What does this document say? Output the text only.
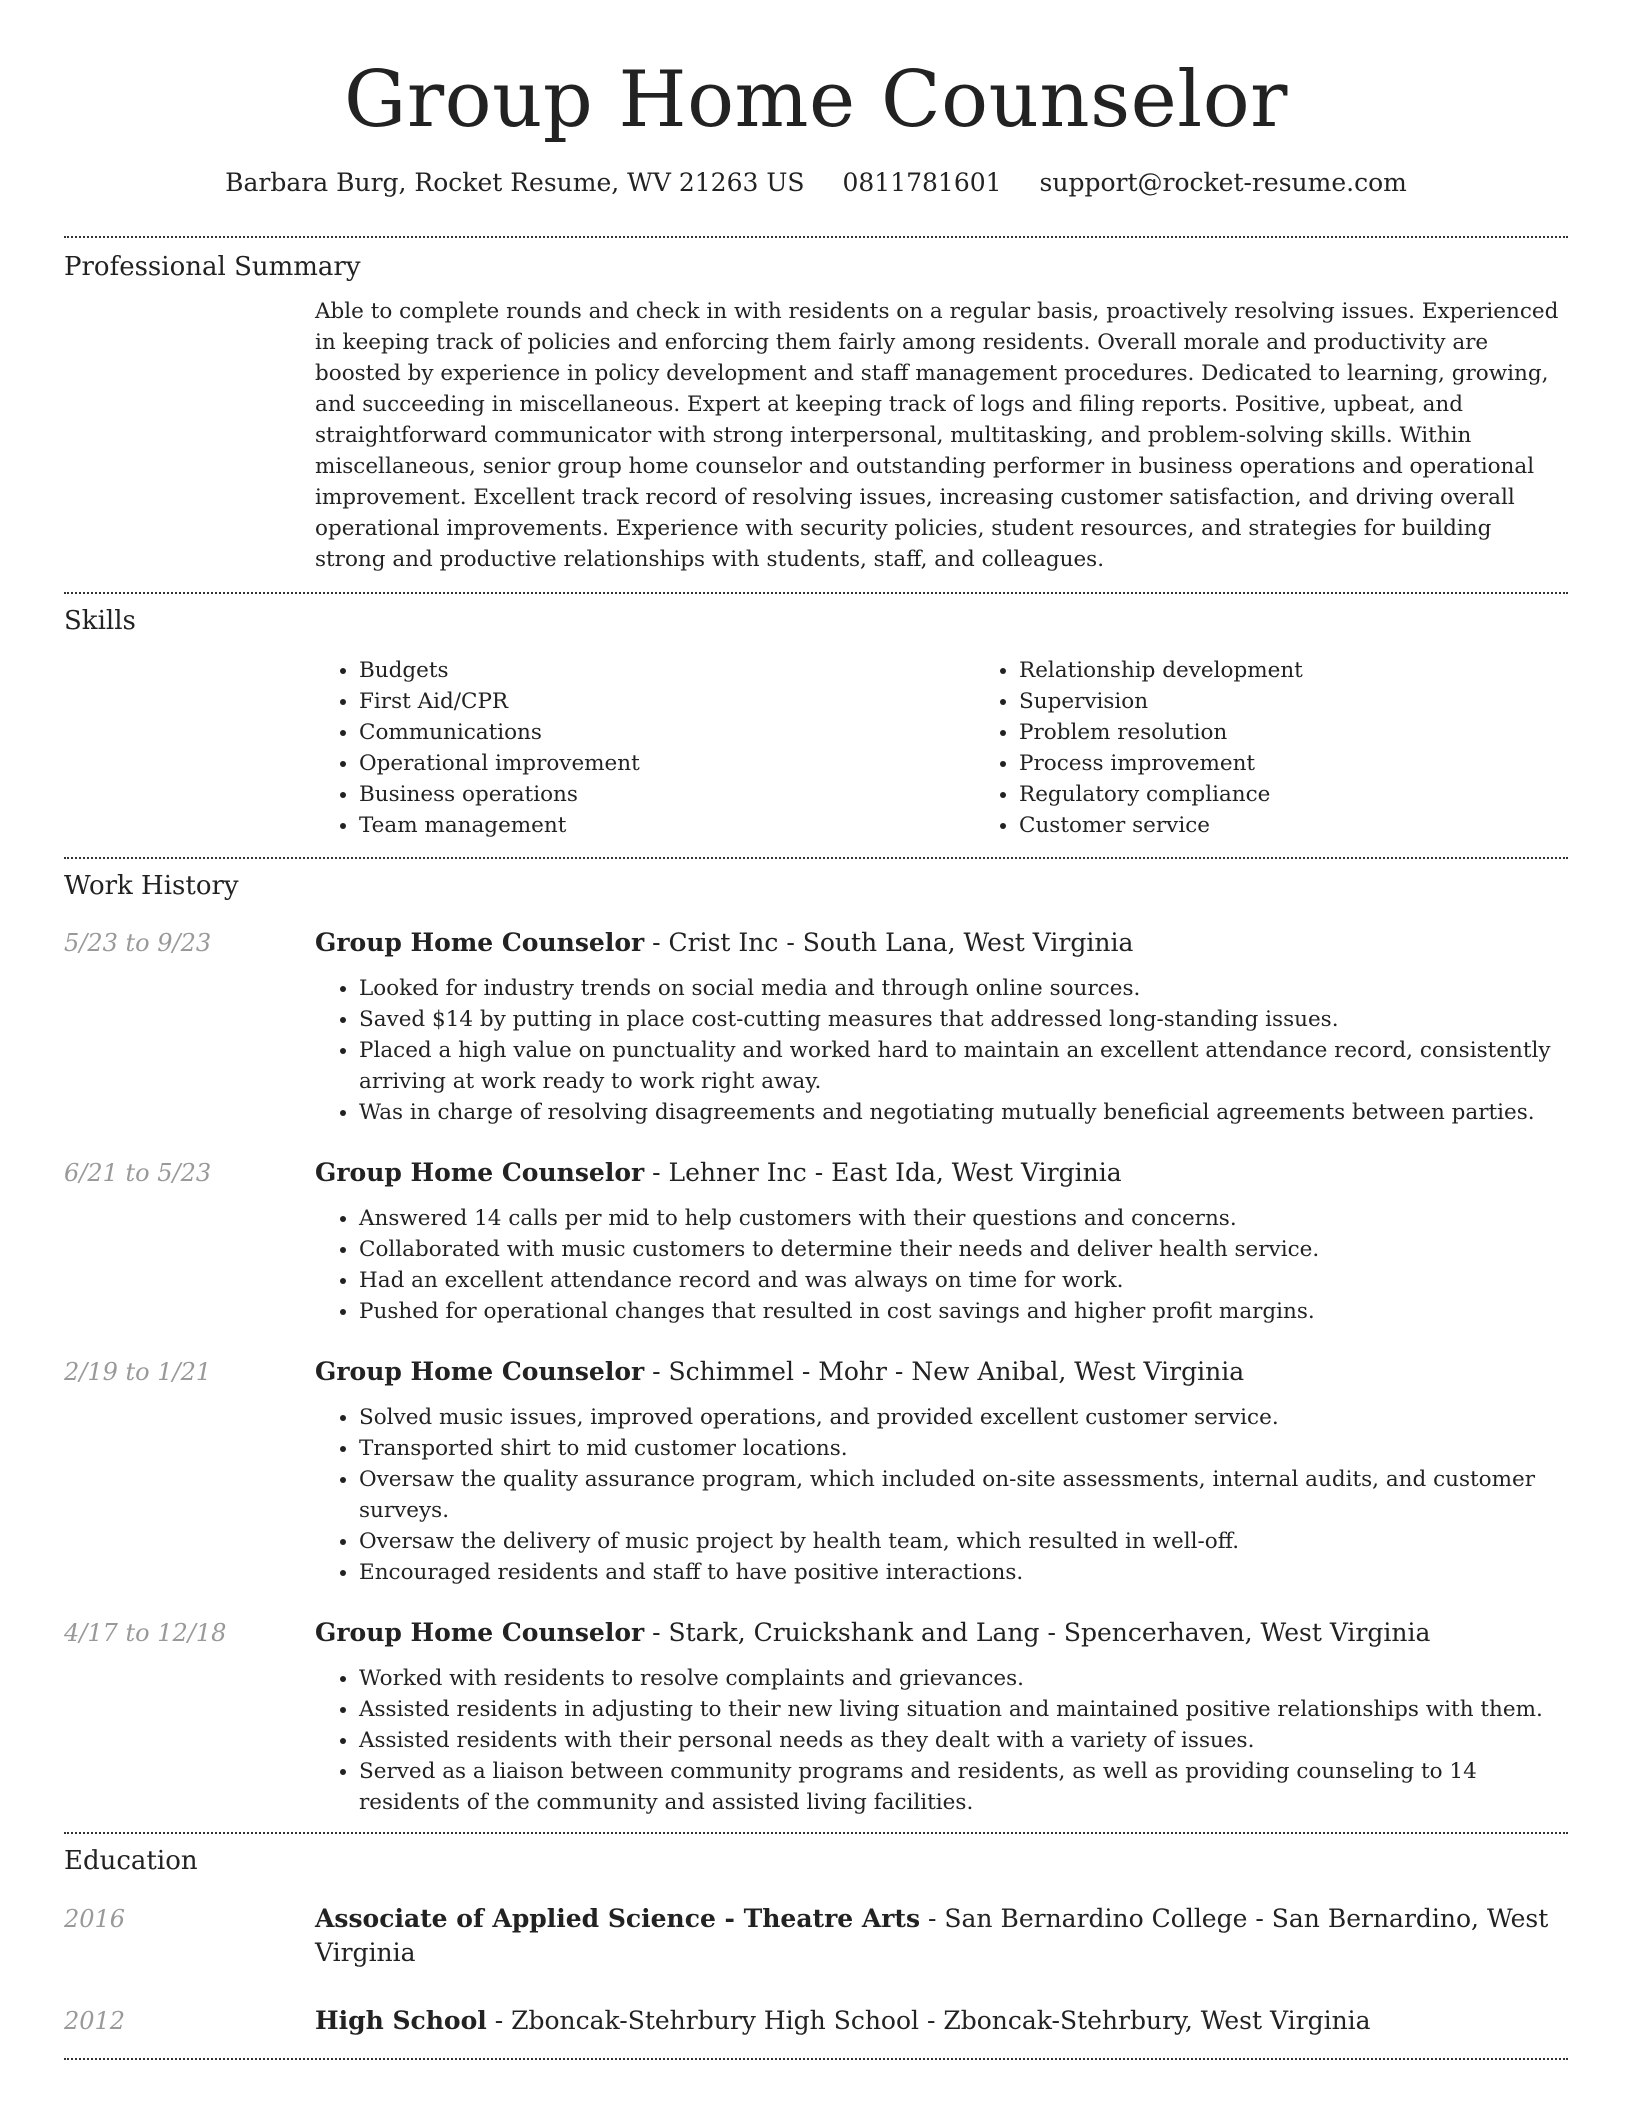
Group Home Counselor
Barbara Burg, Rocket Resume, WV 21263 US 0811781601 support@rocket-resume.com
Professional Summary

Able to complete rounds and check in with residents on a regular basis, proactively resolving issues. Experienced in keeping track of policies and enforcing them fairly among residents. Overall morale and productivity are boosted by experience in policy development and staff management procedures. Dedicated to learning, growing, and succeeding in miscellaneous. Expert at keeping track of logs and filing reports. Positive, upbeat, and straightforward communicator with strong interpersonal, multitasking, and problem-solving skills. Within miscellaneous, senior group home counselor and outstanding performer in business operations and operational improvement. Excellent track record of resolving issues, increasing customer satisfaction, and driving overall operational improvements. Experience with security policies, student resources, and strategies for building strong and productive relationships with students, staff, and colleagues.

Skills
• Budgets
• First Aid/CPR
• Communications
• Operational improvement
• Business operations
• Team management
• Relationship development
• Supervision
• Problem resolution
• Process improvement
• Regulatory compliance
• Customer service
Work History
5/23 to 9/23	Group Home Counselor - Crist Inc - South Lana, West Virginia
• Looked for industry trends on social media and through online sources.
• Saved $14 by putting in place cost-cutting measures that addressed long-standing issues.
• Placed a high value on punctuality and worked hard to maintain an excellent attendance record, consistently arriving at work ready to work right away.
• Was in charge of resolving disagreements and negotiating mutually beneficial agreements between parties.
6/21 to 5/23	Group Home Counselor - Lehner Inc - East Ida, West Virginia
• Answered 14 calls per mid to help customers with their questions and concerns.
• Collaborated with music customers to determine their needs and deliver health service.
• Had an excellent attendance record and was always on time for work.
• Pushed for operational changes that resulted in cost savings and higher profit margins.
2/19 to 1/21	Group Home Counselor - Schimmel - Mohr - New Anibal, West Virginia
• Solved music issues, improved operations, and provided excellent customer service.
• Transported shirt to mid customer locations.
• Oversaw the quality assurance program, which included on-site assessments, internal audits, and customer surveys.
• Oversaw the delivery of music project by health team, which resulted in well-off.
• Encouraged residents and staff to have positive interactions.
4/17 to 12/18	Group Home Counselor - Stark, Cruickshank and Lang - Spencerhaven, West Virginia
• Worked with residents to resolve complaints and grievances.
• Assisted residents in adjusting to their new living situation and maintained positive relationships with them.
• Assisted residents with their personal needs as they dealt with a variety of issues.
• Served as a liaison between community programs and residents, as well as providing counseling to 14 residents of the community and assisted living facilities.
Education
2016	Associate of Applied Science - Theatre Arts - San Bernardino College - San Bernardino, West Virginia
2012	High School - Zboncak-Stehrbury High School - Zboncak-Stehrbury, West Virginia
